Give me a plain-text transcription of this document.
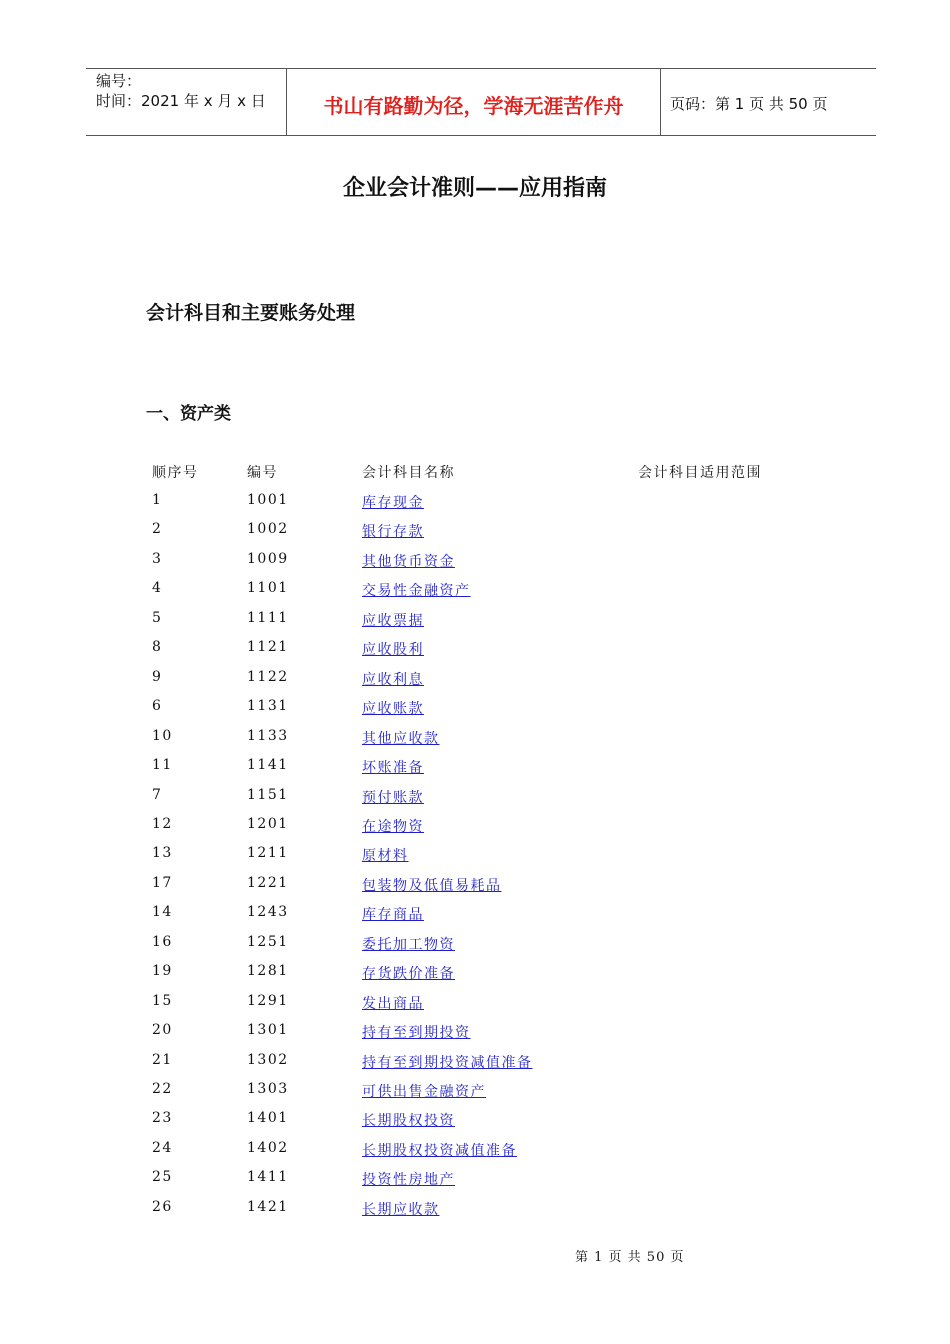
编号：
时间：2021 年 x 月 x 日	书山有路勤为径，学海无涯苦作舟	页码：第 1 页 共 50 页
企业会计准则——应用指南
会计科目和主要账务处理
一、资产类
顺序号	编号	会计科目名称	会计科目适用范围
1	1001	库存现金
2	1002	银行存款
3	1009	其他货币资金
4	1101	交易性金融资产
5	1111	应收票据
8	1121	应收股利
9	1122	应收利息
6	1131	应收账款
10	1133	其他应收款
11	1141	坏账准备
7	1151	预付账款
12	1201	在途物资
13	1211	原材料
17	1221	包装物及低值易耗品
14	1243	库存商品
16	1251	委托加工物资
19	1281	存货跌价准备
15	1291	发出商品
20	1301	持有至到期投资
21	1302	持有至到期投资减值准备
22	1303	可供出售金融资产
23	1401	长期股权投资
24	1402	长期股权投资减值准备
25	1411	投资性房地产
26	1421	长期应收款
第 1 页 共 50 页
